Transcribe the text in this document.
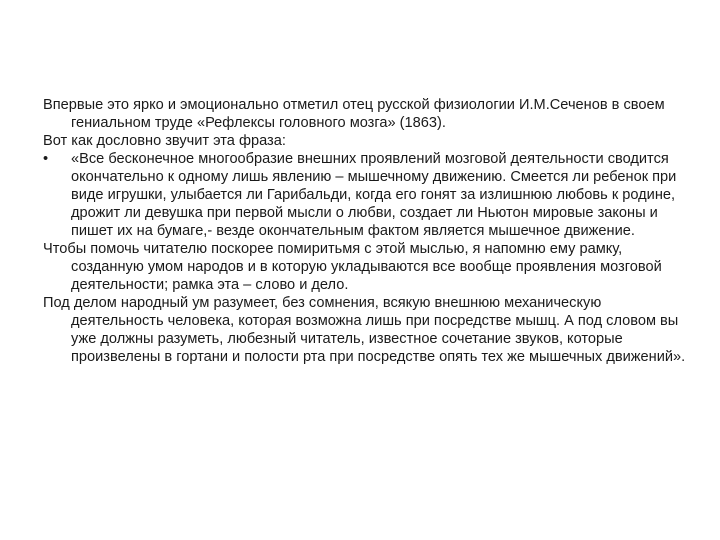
Впервые это ярко и эмоционально отметил отец русской физиологии И.М.Сеченов в своем гениальном труде «Рефлексы головного мозга» (1863).

Вот как дословно звучит эта фраза:

• «Все бесконечное многообразие внешних проявлений мозговой деятельности сводится окончательно к одному лишь явлению – мышечному движению. Смеется ли ребенок при виде игрушки, улыбается ли Гарибальди, когда его гонят за излишнюю любовь к родине, дрожит ли девушка при первой мысли о любви, создает ли Ньютон мировые законы и пишет их на бумаге,- везде окончательным фактом является мышечное движение.

Чтобы помочь читателю поскорее помиритьмя с этой мыслью, я напомню ему рамку, созданную умом народов и в которую укладываются все вообще проявления мозговой деятельности; рамка эта – слово и дело.

Под делом народный ум разумеет, без сомнения, всякую внешнюю механическую деятельность человека, которая возможна лишь при посредстве мышц. А под словом вы уже должны разуметь, любезный читатель, известное сочетание звуков, которые произвелены в гортани и полости рта при посредстве опять тех же мышечных движений».
